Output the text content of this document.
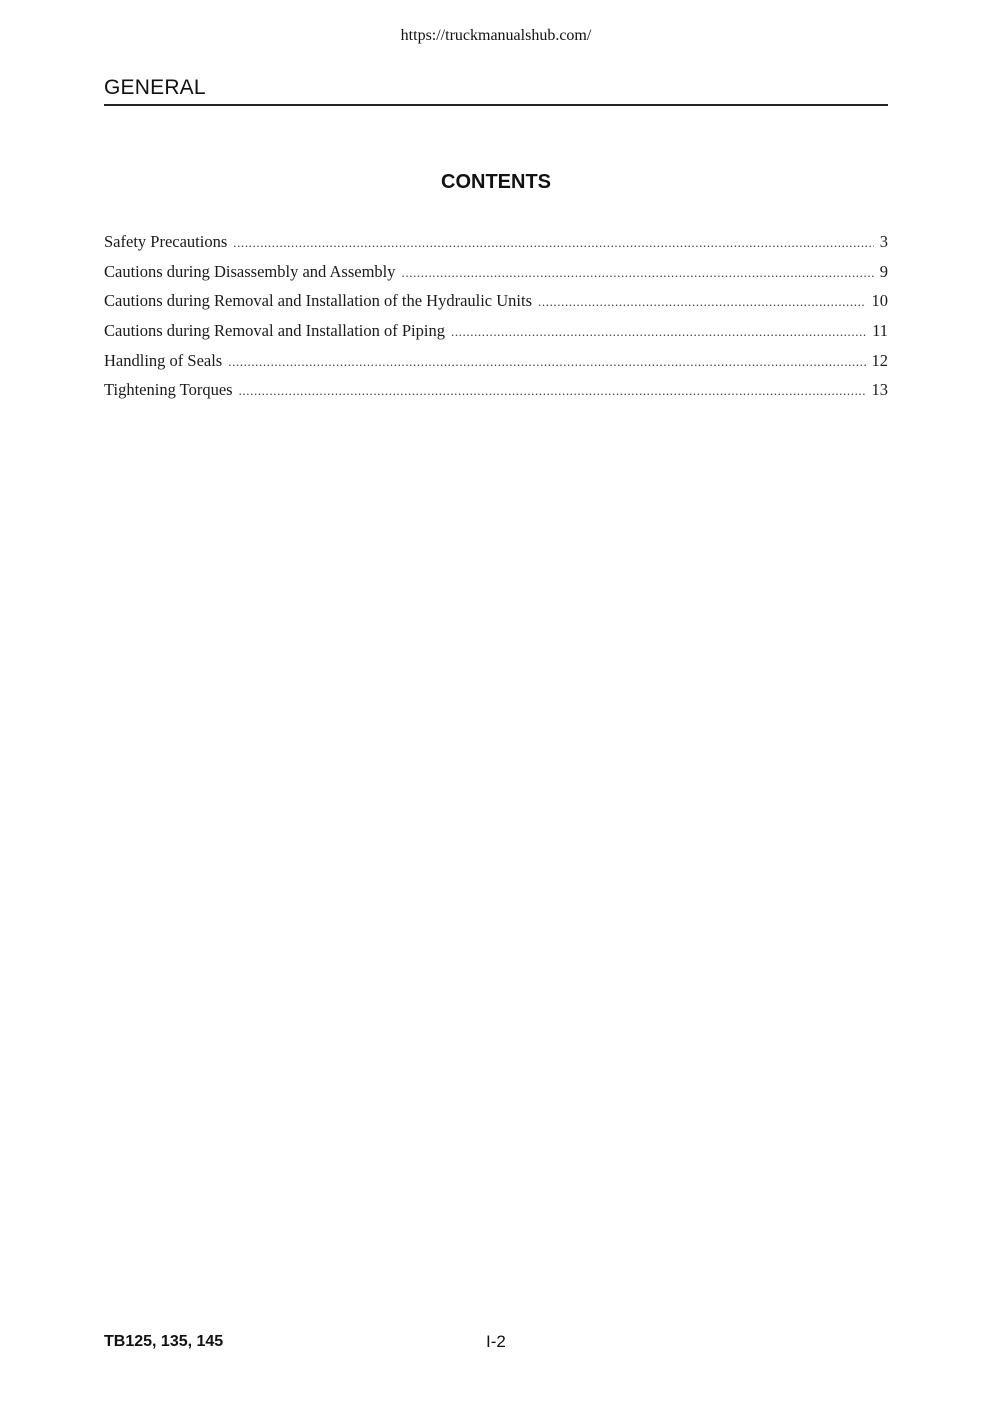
https://truckmanualshub.com/
GENERAL
CONTENTS
Safety Precautions .....	3
Cautions during Disassembly and Assembly .....	9
Cautions during Removal and Installation of the Hydraulic Units .....	10
Cautions during Removal and Installation of Piping .....	11
Handling of Seals .....	12
Tightening Torques .....	13
TB125, 135, 145	I-2
